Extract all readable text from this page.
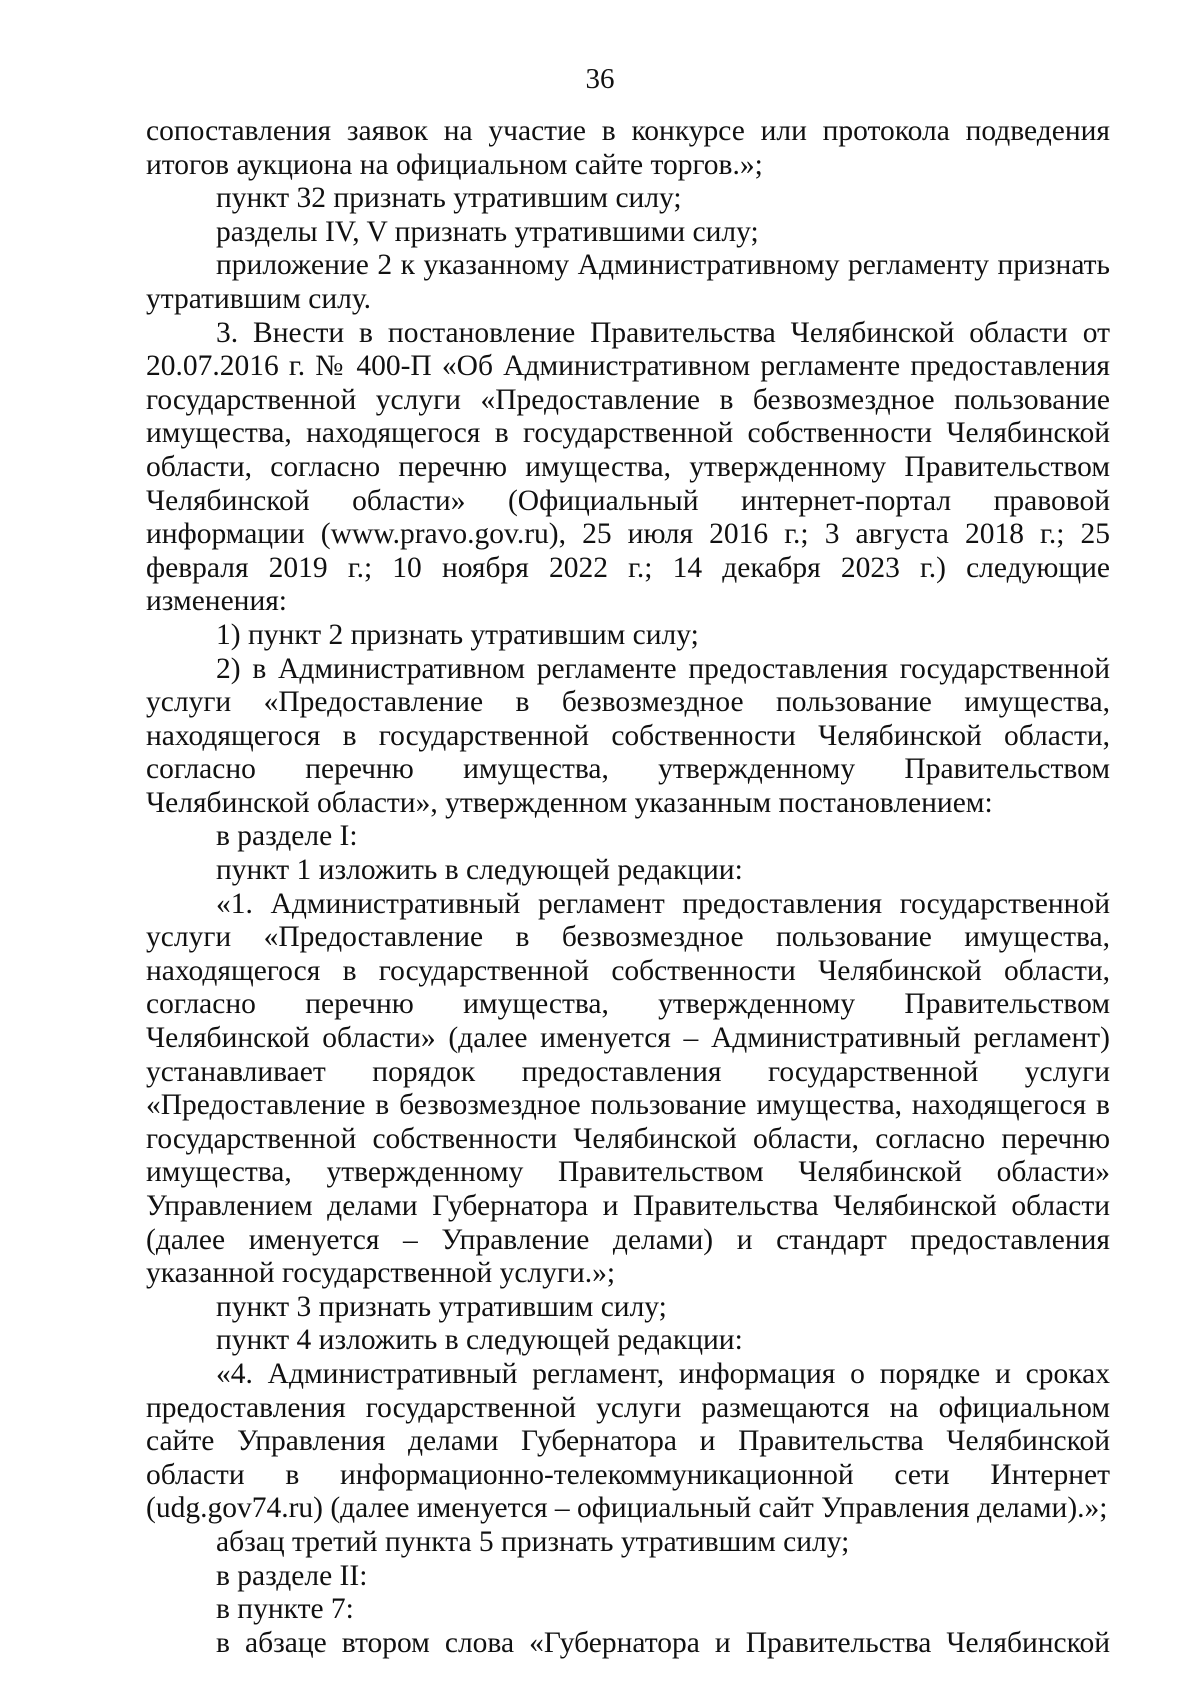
36

сопоставления заявок на участие в конкурсе или протокола подведения итогов аукциона на официальном сайте торгов.»;

пункт 32 признать утратившим силу;

разделы IV, V признать утратившими силу;

приложение 2 к указанному Административному регламенту признать утратившим силу.

3. Внести в постановление Правительства Челябинской области от 20.07.2016 г. № 400-П «Об Административном регламенте предоставления государственной услуги «Предоставление в безвозмездное пользование имущества, находящегося в государственной собственности Челябинской области, согласно перечню имущества, утвержденному Правительством Челябинской области» (Официальный интернет-портал правовой информации (www.pravo.gov.ru), 25 июля 2016 г.; 3 августа 2018 г.; 25 февраля 2019 г.; 10 ноября 2022 г.; 14 декабря 2023 г.) следующие изменения:

1) пункт 2 признать утратившим силу;

2) в Административном регламенте предоставления государственной услуги «Предоставление в безвозмездное пользование имущества, находящегося в государственной собственности Челябинской области, согласно перечню имущества, утвержденному Правительством Челябинской области», утвержденном указанным постановлением:

в разделе I:

пункт 1 изложить в следующей редакции:

«1. Административный регламент предоставления государственной услуги «Предоставление в безвозмездное пользование имущества, находящегося в государственной собственности Челябинской области, согласно перечню имущества, утвержденному Правительством Челябинской области» (далее именуется – Административный регламент) устанавливает порядок предоставления государственной услуги «Предоставление в безвозмездное пользование имущества, находящегося в государственной собственности Челябинской области, согласно перечню имущества, утвержденному Правительством Челябинской области» Управлением делами Губернатора и Правительства Челябинской области (далее именуется – Управление делами) и стандарт предоставления указанной государственной услуги.»;

пункт 3 признать утратившим силу;

пункт 4 изложить в следующей редакции:

«4. Административный регламент, информация о порядке и сроках предоставления государственной услуги размещаются на официальном сайте Управления делами Губернатора и Правительства Челябинской области в информационно-телекоммуникационной сети Интернет (udg.gov74.ru) (далее именуется – официальный сайт Управления делами).»;

абзац третий пункта 5 признать утратившим силу;

в разделе II:

в пункте 7:

в абзаце втором слова «Губернатора и Правительства Челябинской
